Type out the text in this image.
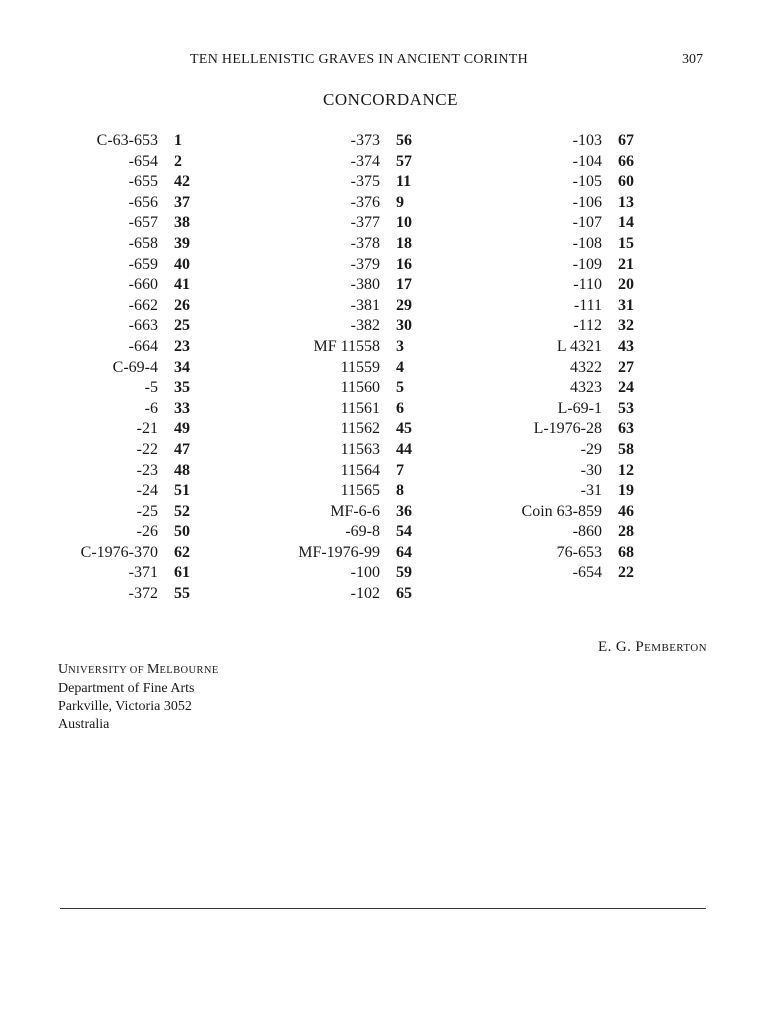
TEN HELLENISTIC GRAVES IN ANCIENT CORINTH	307
CONCORDANCE
C-63-653	1
-654	2
-655	42
-656	37
-657	38
-658	39
-659	40
-660	41
-662	26
-663	25
-664	23
C-69-4	34
-5	35
-6	33
-21	49
-22	47
-23	48
-24	51
-25	52
-26	50
C-1976-370	62
-371	61
-372	55
-373	56
-374	57
-375	11
-376	9
-377	10
-378	18
-379	16
-380	17
-381	29
-382	30
MF 11558	3
11559	4
11560	5
11561	6
11562	45
11563	44
11564	7
11565	8
MF-6-6	36
-69-8	54
MF-1976-99	64
-100	59
-102	65
-103	67
-104	66
-105	60
-106	13
-107	14
-108	15
-109	21
-110	20
-111	31
-112	32
L 4321	43
4322	27
4323	24
L-69-1	53
L-1976-28	63
-29	58
-30	12
-31	19
Coin 63-859	46
-860	28
76-653	68
-654	22
E. G. PEMBERTON
UNIVERSITY OF MELBOURNE
Department of Fine Arts
Parkville, Victoria 3052
Australia
